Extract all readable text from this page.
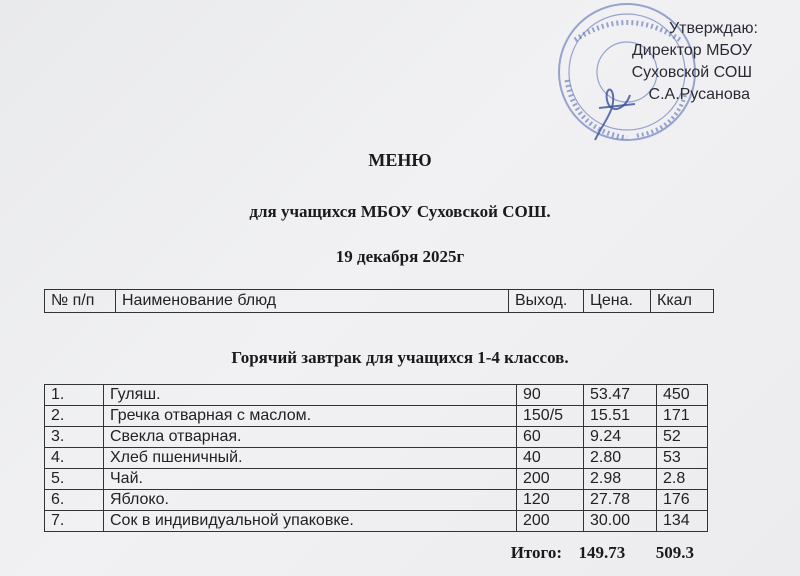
Утверждаю:
Директор МБОУ
Суховской СОШ
С.А.Русанова
МЕНЮ
для учащихся МБОУ Суховской СОШ.
19 декабря 2025г
№ п/п	Наименование блюд	Выход.	Цена.	Ккал
Горячий завтрак для учащихся 1-4 классов.
1.	Гуляш.	90	53.47	450
2.	Гречка отварная с маслом.	150/5	15.51	171
3.	Свекла отварная.	60	9.24	52
4.	Хлеб пшеничный.	40	2.80	53
5.	Чай.	200	2.98	2.8
6.	Яблоко.	120	27.78	176
7.	Сок в индивидуальной упаковке.	200	30.00	134
Итого: 149.73 509.3
